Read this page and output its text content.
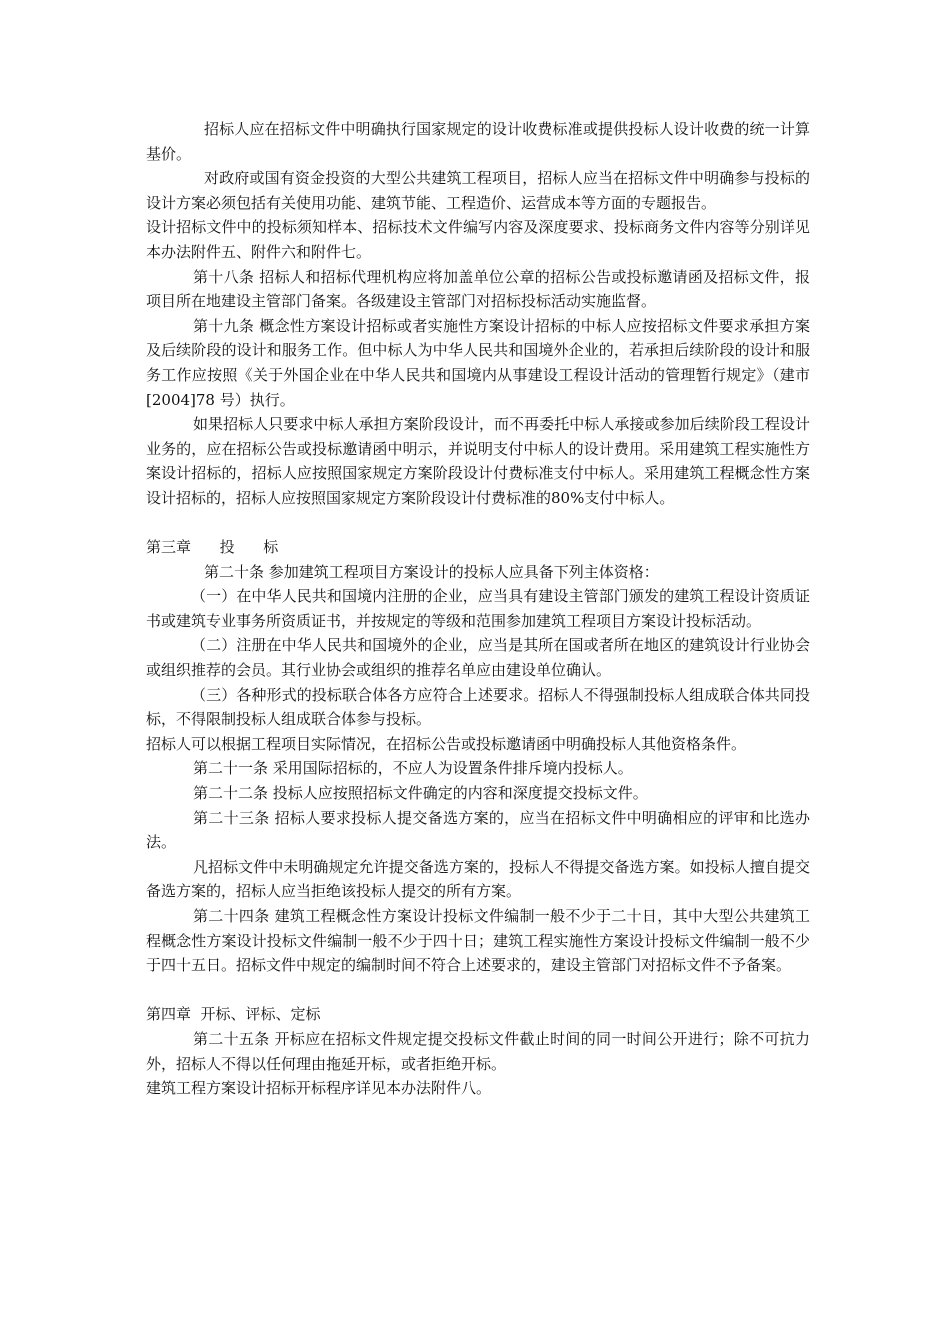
招标人应在招标文件中明确执行国家规定的设计收费标准或提供投标人设计收费的统一计算基价。

对政府或国有资金投资的大型公共建筑工程项目，招标人应当在招标文件中明确参与投标的设计方案必须包括有关使用功能、建筑节能、工程造价、运营成本等方面的专题报告。

设计招标文件中的投标须知样本、招标技术文件编写内容及深度要求、投标商务文件内容等分别详见本办法附件五、附件六和附件七。

第十八条 招标人和招标代理机构应将加盖单位公章的招标公告或投标邀请函及招标文件，报项目所在地建设主管部门备案。各级建设主管部门对招标投标活动实施监督。

第十九条 概念性方案设计招标或者实施性方案设计招标的中标人应按招标文件要求承担方案及后续阶段的设计和服务工作。但中标人为中华人民共和国境外企业的，若承担后续阶段的设计和服务工作应按照《关于外国企业在中华人民共和国境内从事建设工程设计活动的管理暂行规定》（建市[2004]78 号）执行。

如果招标人只要求中标人承担方案阶段设计，而不再委托中标人承接或参加后续阶段工程设计业务的，应在招标公告或投标邀请函中明示，并说明支付中标人的设计费用。采用建筑工程实施性方案设计招标的，招标人应按照国家规定方案阶段设计付费标准支付中标人。采用建筑工程概念性方案设计招标的，招标人应按照国家规定方案阶段设计付费标准的80%支付中标人。

第三章      投      标

第二十条 参加建筑工程项目方案设计的投标人应具备下列主体资格：

（一）在中华人民共和国境内注册的企业，应当具有建设主管部门颁发的建筑工程设计资质证书或建筑专业事务所资质证书，并按规定的等级和范围参加建筑工程项目方案设计投标活动。

（二）注册在中华人民共和国境外的企业，应当是其所在国或者所在地区的建筑设计行业协会或组织推荐的会员。其行业协会或组织的推荐名单应由建设单位确认。

（三）各种形式的投标联合体各方应符合上述要求。招标人不得强制投标人组成联合体共同投标，不得限制投标人组成联合体参与投标。

招标人可以根据工程项目实际情况，在招标公告或投标邀请函中明确投标人其他资格条件。

第二十一条 采用国际招标的，不应人为设置条件排斥境内投标人。

第二十二条 投标人应按照招标文件确定的内容和深度提交投标文件。

第二十三条 招标人要求投标人提交备选方案的，应当在招标文件中明确相应的评审和比选办法。

凡招标文件中未明确规定允许提交备选方案的，投标人不得提交备选方案。如投标人擅自提交备选方案的，招标人应当拒绝该投标人提交的所有方案。

第二十四条 建筑工程概念性方案设计投标文件编制一般不少于二十日，其中大型公共建筑工程概念性方案设计投标文件编制一般不少于四十日；建筑工程实施性方案设计投标文件编制一般不少于四十五日。招标文件中规定的编制时间不符合上述要求的，建设主管部门对招标文件不予备案。

第四章  开标、评标、定标

第二十五条 开标应在招标文件规定提交投标文件截止时间的同一时间公开进行；除不可抗力外，招标人不得以任何理由拖延开标，或者拒绝开标。

建筑工程方案设计招标开标程序详见本办法附件八。
